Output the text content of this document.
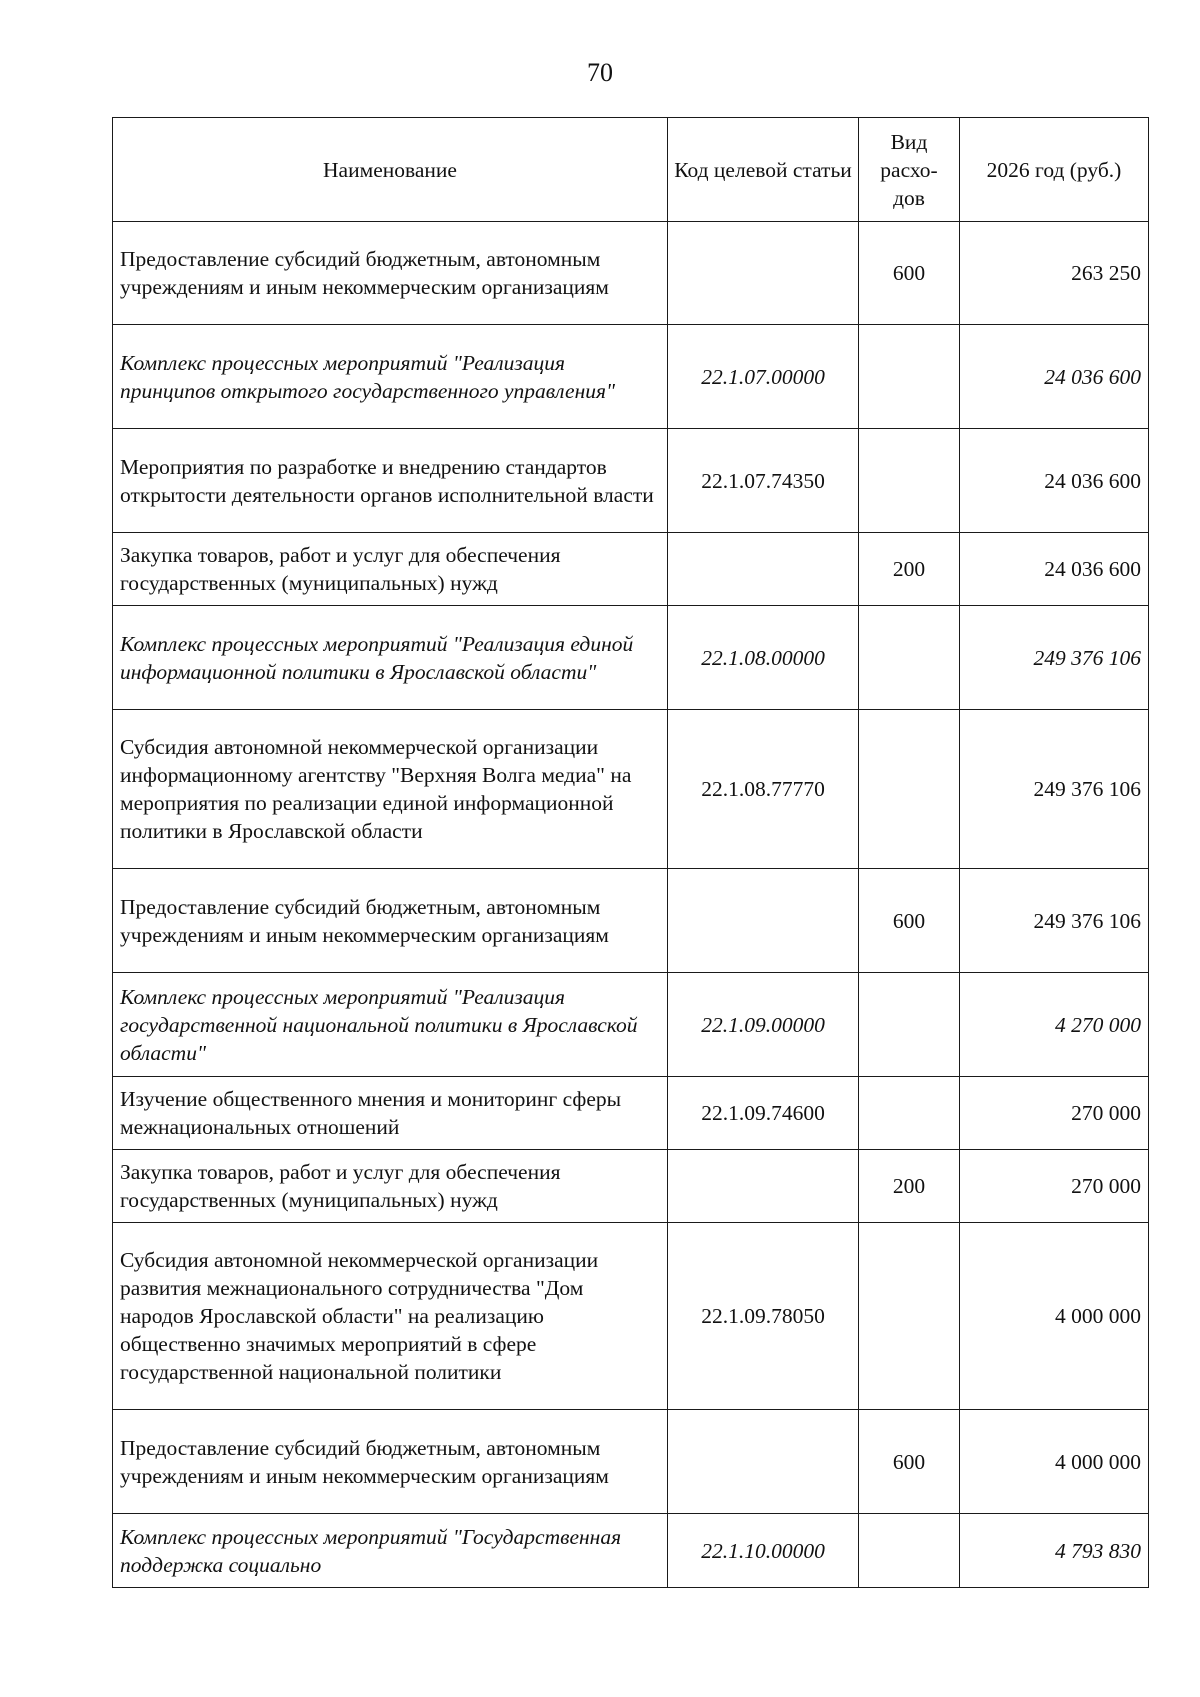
70
Наименование	Код целевой статьи	Вид расхо-дов	2026 год (руб.)
Предоставление субсидий бюджетным, автономным учреждениям и иным некоммерческим организациям		600	263 250
Комплекс процессных мероприятий "Реализация принципов открытого государственного управления"	22.1.07.00000		24 036 600
Мероприятия по разработке и внедрению стандартов открытости деятельности органов исполнительной власти	22.1.07.74350		24 036 600
Закупка товаров, работ и услуг для обеспечения государственных (муниципальных) нужд		200	24 036 600
Комплекс процессных мероприятий "Реализация единой информационной политики в Ярославской области"	22.1.08.00000		249 376 106
Субсидия автономной некоммерческой организации информационному агентству "Верхняя Волга медиа" на мероприятия по реализации единой информационной политики в Ярославской области	22.1.08.77770		249 376 106
Предоставление субсидий бюджетным, автономным учреждениям и иным некоммерческим организациям		600	249 376 106
Комплекс процессных мероприятий "Реализация государственной национальной политики в Ярославской области"	22.1.09.00000		4 270 000
Изучение общественного мнения и мониторинг сферы межнациональных отношений	22.1.09.74600		270 000
Закупка товаров, работ и услуг для обеспечения государственных (муниципальных) нужд		200	270 000
Субсидия автономной некоммерческой организации развития межнационального сотрудничества "Дом народов Ярославской области" на реализацию общественно значимых мероприятий в сфере государственной национальной политики	22.1.09.78050		4 000 000
Предоставление субсидий бюджетным, автономным учреждениям и иным некоммерческим организациям		600	4 000 000
Комплекс процессных мероприятий "Государственная поддержка социально	22.1.10.00000		4 793 830
